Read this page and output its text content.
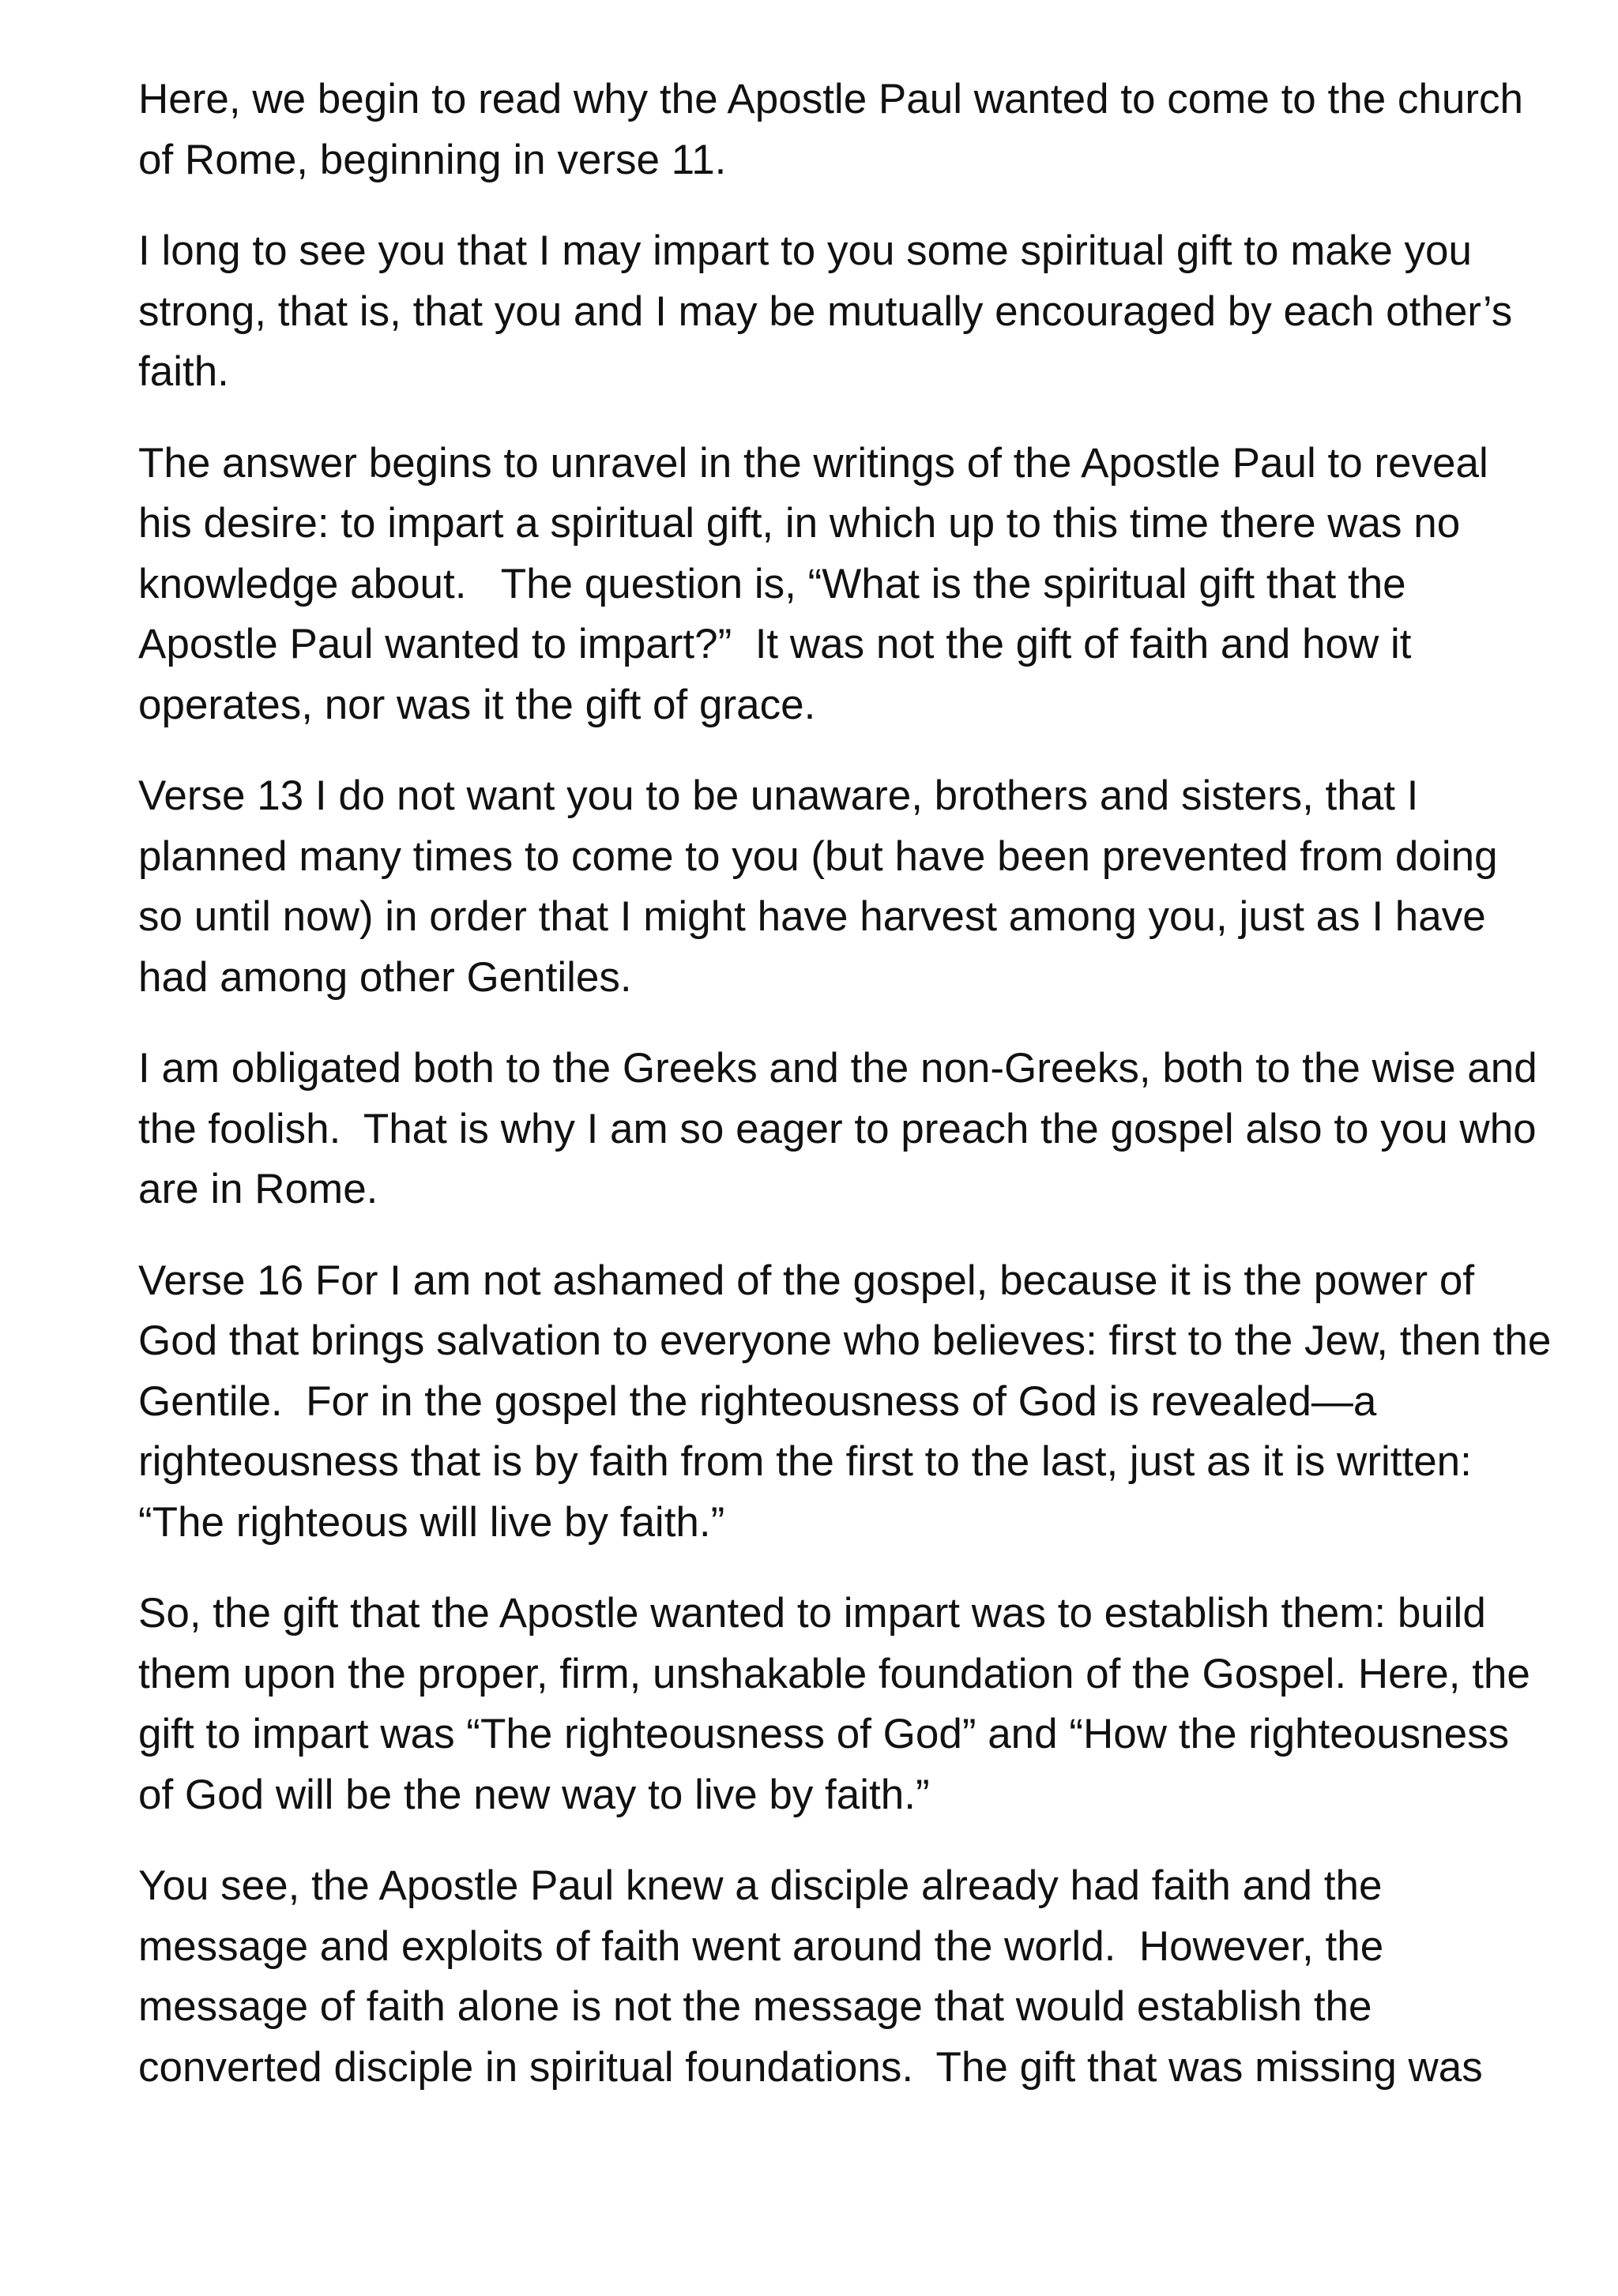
Here, we begin to read why the Apostle Paul wanted to come to the church of Rome, beginning in verse 11.

I long to see you that I may impart to you some spiritual gift to make you strong, that is, that you and I may be mutually encouraged by each other’s faith.

The answer begins to unravel in the writings of the Apostle Paul to reveal his desire: to impart a spiritual gift, in which up to this time there was no knowledge about.   The question is, “What is the spiritual gift that the Apostle Paul wanted to impart?”  It was not the gift of faith and how it operates, nor was it the gift of grace.

Verse 13 I do not want you to be unaware, brothers and sisters, that I planned many times to come to you (but have been prevented from doing so until now) in order that I might have harvest among you, just as I have had among other Gentiles.

I am obligated both to the Greeks and the non-Greeks, both to the wise and the foolish.  That is why I am so eager to preach the gospel also to you who are in Rome.

Verse 16 For I am not ashamed of the gospel, because it is the power of God that brings salvation to everyone who believes: first to the Jew, then the Gentile.  For in the gospel the righteousness of God is revealed—a righteousness that is by faith from the first to the last, just as it is written: “The righteous will live by faith.”

So, the gift that the Apostle wanted to impart was to establish them: build them upon the proper, firm, unshakable foundation of the Gospel. Here, the gift to impart was “The righteousness of God” and “How the righteousness of God will be the new way to live by faith.”

You see, the Apostle Paul knew a disciple already had faith and the message and exploits of faith went around the world.  However, the message of faith alone is not the message that would establish the converted disciple in spiritual foundations.  The gift that was missing was
